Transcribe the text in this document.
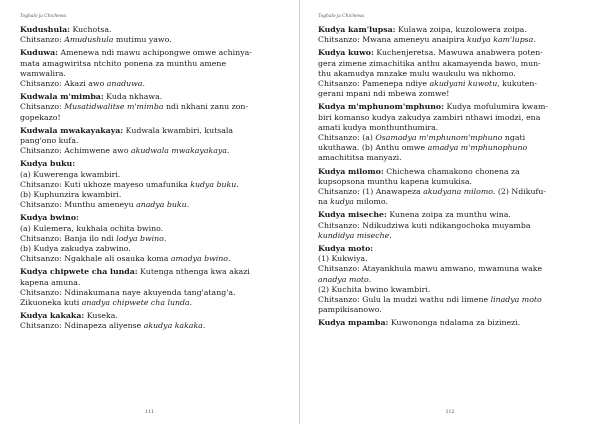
Toghalo ja Chichewa
Kudushula: Kuchotsa.
Chitsanzo: Amudushula mutimu yawo.
Kuduwa: Amenewa ndi mawu achipongwe omwe achinya-
mata amagwiritsa ntchito ponena za munthu amene
wamwalira.
Chitsanzo: Akazi awo anaduwa.
Kudwala m'mimba: Kuda nkhawa.
Chitsanzo: Musatidwalitse m'mimba ndi nkhani zanu zon-
gopekazo!
Kudwala mwakayakaya: Kudwala kwambiri, kutsala
pang'ono kufa.
Chitsanzo: Achimwene awo akudwala mwakayakaya.
Kudya buku:
(a) Kuwerenga kwambiri.
Chitsanzo: Kuti ukhoze mayeso umafunika kudya buku.
(b) Kuphunzira kwambiri.
Chitsanzo: Munthu ameneyu anadya buku.
Kudya bwino:
(a) Kulemera, kukhala ochita bwino.
Chitsanzo: Banja ilo ndi lodya bwino.
(b) Kudya zakudya zabwino.
Chitsanzo: Ngakhale ali osauka koma amadya bwino.
Kudya chipwete cha lunda: Kutenga nthenga kwa akazi
kapena amuna.
Chitsanzo: Ndinakumana naye akuyenda tang'atang'a.
Zikuoneka kuti anadya chipwete cha lunda.
Kudya kakaka: Kuseka.
Chitsanzo: Ndinapeza aliyense akudya kakaka.
111
Toghalo ja Chichewa
Kudya kam'lupsa: Kulawa zoipa, kuzolowera zoipa.
Chitsanzo: Mwana ameneyu anaipira kudya kam'lupsa.
Kudya kuwo: Kuchenjeretsa. Mawuwa anabwera poten-
gera zimene zimachitika anthu akamayenda bawo, mun-
thu akamudya mnzake mulu waukulu wa nkhomo.
Chitsanzo: Pamenepa ndiye akudyani kuwotu, kukuten-
gerani mpani ndi mbewa zomwe!
Kudya m'mphunom'mphuno: Kudya mofulumira kwam-
biri komanso kudya zakudya zambiri nthawi imodzi, ena
amati kudya monthunthumira.
Chitsanzo: (a) Osamadya m'mphunom'mphuno ngati
ukuthawa. (b) Anthu omwe amadya m'mphunophuno
amachititsa manyazi.
Kudya milomo: Chichewa chamakono chonena za
kupsopsona munthu kapena kumukisa.
Chitsanzo: (1) Anawapeza akudyana milomo. (2) Ndikufu-
na kudya milomo.
Kudya miseche: Kunena zoipa za munthu wina.
Chitsanzo: Ndikudziwa kuti ndikangochoka muyamba
kundidya miseche.
Kudya moto:
(1) Kukwiya.
Chitsanzo: Atayankhula mawu amwano, mwamuna wake
anadya moto.
(2) Kuchita bwino kwambiri.
Chitsanzo: Gulu la mudzi wathu ndi limene linadya moto
pampikisanowo.
Kudya mpamba: Kuwononga ndalama za bizinezi.
112
